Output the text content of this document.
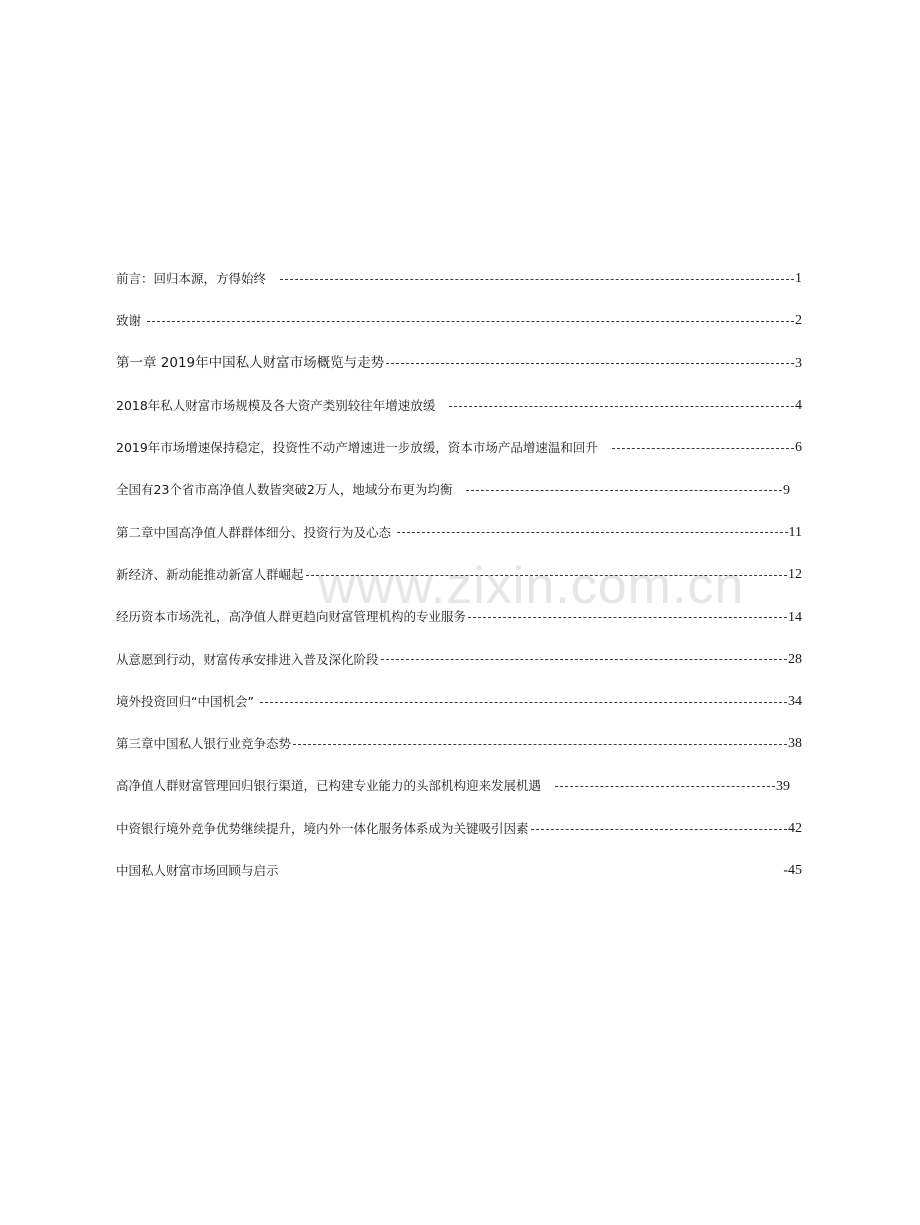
www.zixin.com.cn
前言：回归本源，方得始终	1
致谢	2
第一章 2019年中国私人财富市场概览与走势	3
2018年私人财富市场规模及各大资产类别较往年增速放缓	4
2019年市场增速保持稳定，投资性不动产增速进一步放缓，资本市场产品增速温和回升	6
全国有23个省市高净值人数皆突破2万人，地域分布更为均衡	9
第二章中国高净值人群群体细分、投资行为及心态	11
新经济、新动能推动新富人群崛起	12
经历资本市场洗礼，高净值人群更趋向财富管理机构的专业服务	14
从意愿到行动，财富传承安排进入普及深化阶段	28
境外投资回归“中国机会”	34
第三章中国私人银行业竞争态势	38
高净值人群财富管理回归银行渠道，已构建专业能力的头部机构迎来发展机遇	39
中资银行境外竞争优势继续提升，境内外一体化服务体系成为关键吸引因素	42
中国私人财富市场回顾与启示	-45
